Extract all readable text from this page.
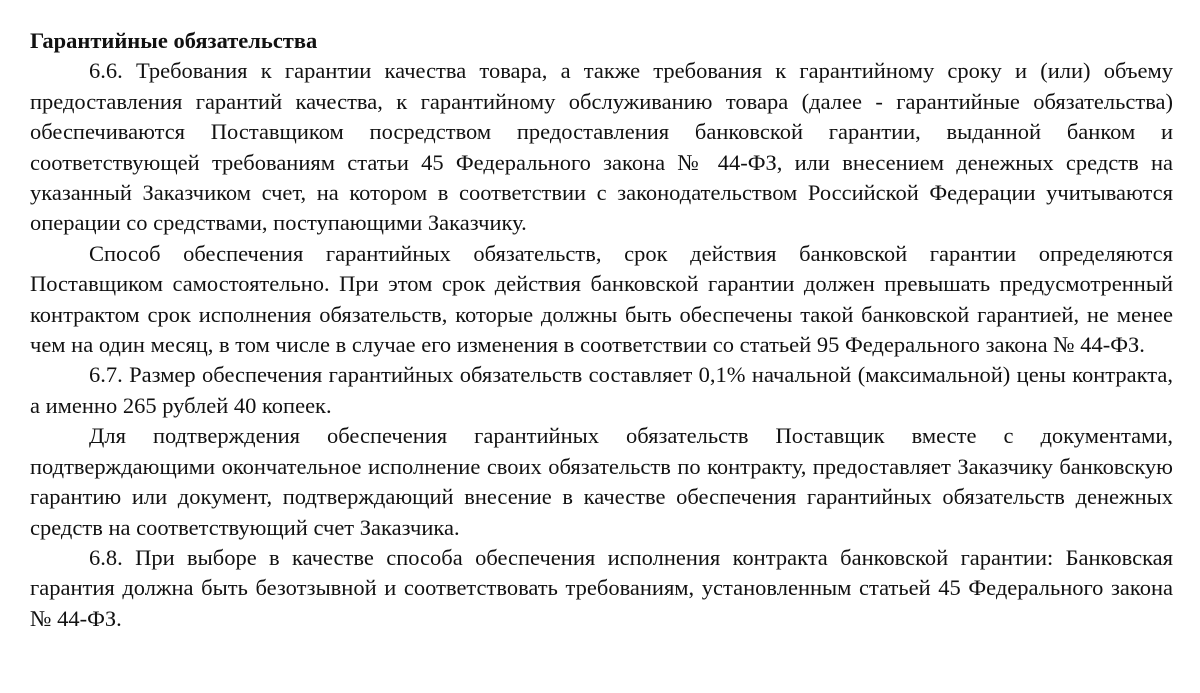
Гарантийные обязательства

6.6. Требования к гарантии качества товара, а также требования к гарантийному сроку и (или) объему предоставления гарантий качества, к гарантийному обслуживанию товара (далее - гарантийные обязательства) обеспечиваются Поставщиком посредством предоставления банковской гарантии, выданной банком и соответствующей требованиям статьи 45 Федерального закона № 44-ФЗ, или внесением денежных средств на указанный Заказчиком счет, на котором в соответствии с законодательством Российской Федерации учитываются операции со средствами, поступающими Заказчику.

Способ обеспечения гарантийных обязательств, срок действия банковской гарантии определяются Поставщиком самостоятельно. При этом срок действия банковской гарантии должен превышать предусмотренный контрактом срок исполнения обязательств, которые должны быть обеспечены такой банковской гарантией, не менее чем на один месяц, в том числе в случае его изменения в соответствии со статьей 95 Федерального закона № 44-ФЗ.

6.7. Размер обеспечения гарантийных обязательств составляет 0,1% начальной (максимальной) цены контракта, а именно 265 рублей 40 копеек.

Для подтверждения обеспечения гарантийных обязательств Поставщик вместе с документами, подтверждающими окончательное исполнение своих обязательств по контракту, предоставляет Заказчику банковскую гарантию или документ, подтверждающий внесение в качестве обеспечения гарантийных обязательств денежных средств на соответствующий счет Заказчика.

6.8. При выборе в качестве способа обеспечения исполнения контракта банковской гарантии: Банковская гарантия должна быть безотзывной и соответствовать требованиям, установленным статьей 45 Федерального закона № 44-ФЗ.
